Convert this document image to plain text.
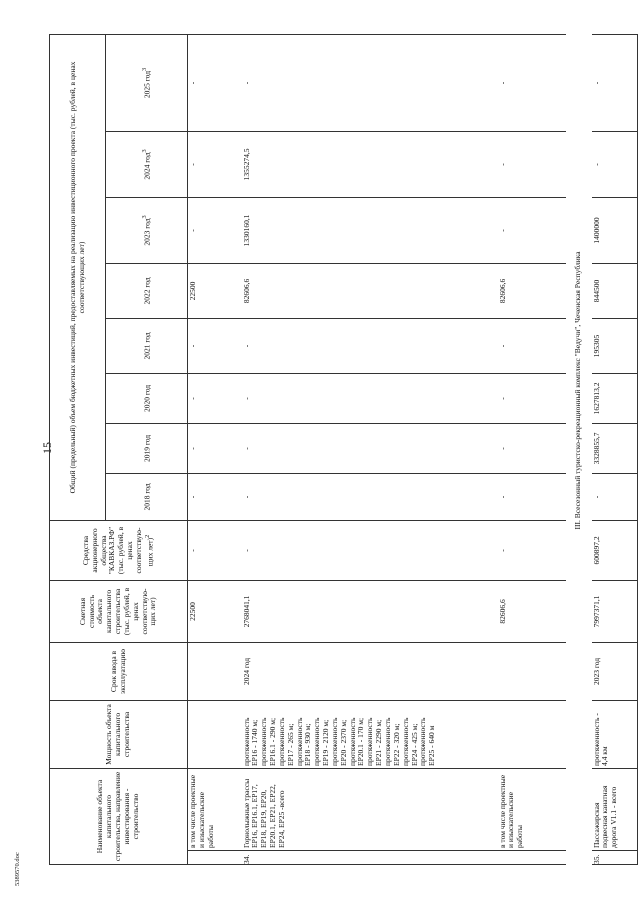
15
Наименование объекта капитального строительства, направление инвестирования - строительство		Мощность объекта капитального строительства	Срок ввода в эксплуатацию	Сметная стоимость объекта капитального строительства (тыс. рублей, в ценах соответствую-щих лет)	Средства акционерного общества "КАВКАЗ.РФ" (тыс. рублей, в ценах соответствую-щих лет)$^2$	Общий (предельный) объем бюджетных инвестиций, предоставляемых на реализацию инвестиционного проекта (тыс. рублей, в ценах соответствующих лет)							
						2018 год	2019 год	2020 год	2021 год	2022 год	2023 год$^3$	2024 год$^3$	2025 год$^3$
	в том числе проектные и изыскательские работы			22500	-	-	-	-	-	22500	-	-	-
34.	Горнолыжные трассы ЕР16, ЕР16.1, ЕР17, ЕР18, ЕР19, ЕР20, ЕР20.1, ЕР21, ЕР22, ЕР24, ЕР25 -всего	протяженность ЕР16 - 1740 м; протяженность ЕР16.1 - 290 м; протяженность ЕР17 - 265 м; протяженность ЕР18 - 930 м; протяженность ЕР19 - 2120 м; протяженность ЕР20 - 2370 м; протяженность ЕР20.1 - 170 м; протяженность ЕР21 - 2290 м; протяженность ЕР22 - 320 м; протяженность ЕР24 - 425 м; протяженность ЕР25 - 640 м	2024 год	2768041,1	-	-	-	-	-	82606,6	1330160,1	1355274,5	-
	в том числе проектные и изыскательские работы			82606,6	-	-	-	-	-	82606,6	-	-	-
III. Всесезонный туристско-рекреационный комплекс "Ведучи", Чеченская Республика													
35.	Пассажирская подвесная канатная дорога V1.1 - всего	протяженность - 4,4 км	2023 год	7997371,1	600897,2	-	3328855,7	1627813,2	195305	844500	1400000	-	-
5389570.doc
